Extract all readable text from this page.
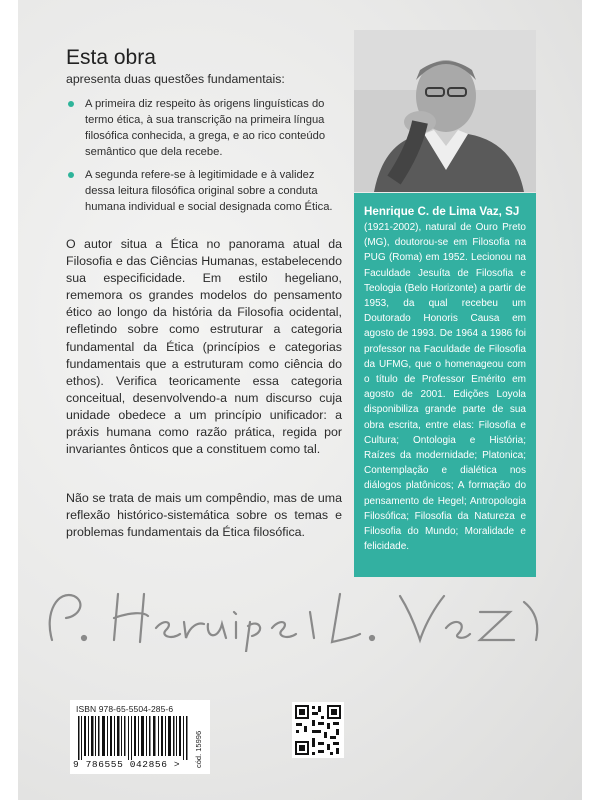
Esta obra
apresenta duas questões fundamentais:
A primeira diz respeito às origens linguísticas do termo ética, à sua transcrição na primeira língua filosófica conhecida, a grega, e ao rico conteúdo semântico que dela recebe.
A segunda refere-se à legitimidade e à validez dessa leitura filosófica original sobre a conduta humana individual e social designada como Ética.

O autor situa a Ética no panorama atual da Filosofia e das Ciências Humanas, estabelecendo sua especificidade. Em estilo hegeliano, rememora os grandes modelos do pensamento ético ao longo da história da Filosofia ocidental, refletindo sobre como estruturar a categoria fundamental da Ética (princípios e categorias fundamentais que a estruturam como ciência do ethos). Verifica teoricamente essa categoria conceitual, desenvolvendo-a num discurso cuja unidade obedece a um princípio unificador: a práxis humana como razão prática, regida por invariantes ônticos que a constituem como tal.

Não se trata de mais um compêndio, mas de uma reflexão histórico-sistemática sobre os temas e problemas fundamentais da Ética filosófica.

Henrique C. de Lima Vaz, SJ

(1921-2002), natural de Ouro Preto (MG), doutorou-se em Filosofia na PUG (Roma) em 1952. Lecionou na Faculdade Jesuíta de Filosofia e Teologia (Belo Horizonte) a partir de 1953, da qual recebeu um Doutorado Honoris Causa em agosto de 1993. De 1964 a 1986 foi professor na Faculdade de Filosofia da UFMG, que o homenageou com o título de Professor Emérito em agosto de 2001. Edições Loyola disponibiliza grande parte de sua obra escrita, entre elas: Filosofia e Cultura; Ontologia e História; Raízes da modernidade; Platonica; Contemplação e dialética nos diálogos platônicos; A formação do pensamento de Hegel; Antropologia Filosófica; Filosofia da Natureza e Filosofia do Mundo; Moralidade e felicidade.

ISBN 978-65-5504-285-6
9 786555 042856 > cód. 15996
